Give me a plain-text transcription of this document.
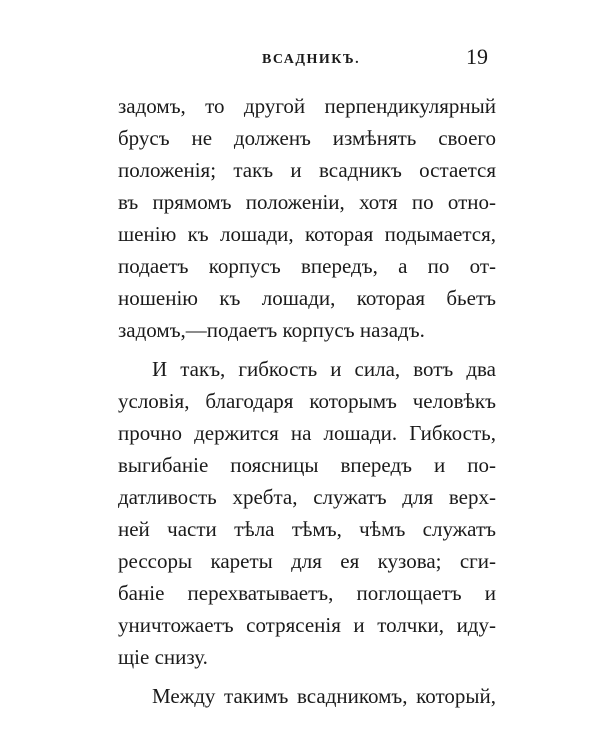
ВСАДНИКЪ.	19
задомъ, то другой перпендикулярный
брусъ не долженъ измѣнять своего
положенія; такъ и всадникъ остается
въ прямомъ положеніи, хотя по отно-
шенію къ лошади, которая подымается,
подаетъ корпусъ впередъ, а по от-
ношенію къ лошади, которая бьетъ
задомъ,—подаетъ корпусъ назадъ.
И такъ, гибкость и сила, вотъ два
условія, благодаря которымъ человѣкъ
прочно держится на лошади. Гибкость,
выгибаніе поясницы впередъ и по-
датливость хребта, служатъ для верх-
ней части тѣла тѣмъ, чѣмъ служатъ
рессоры кареты для ея кузова; сги-
баніе перехватываетъ, поглощаетъ и
уничтожаетъ сотрясенія и толчки, иду-
щіе снизу.
Между такимъ всадникомъ, который,
